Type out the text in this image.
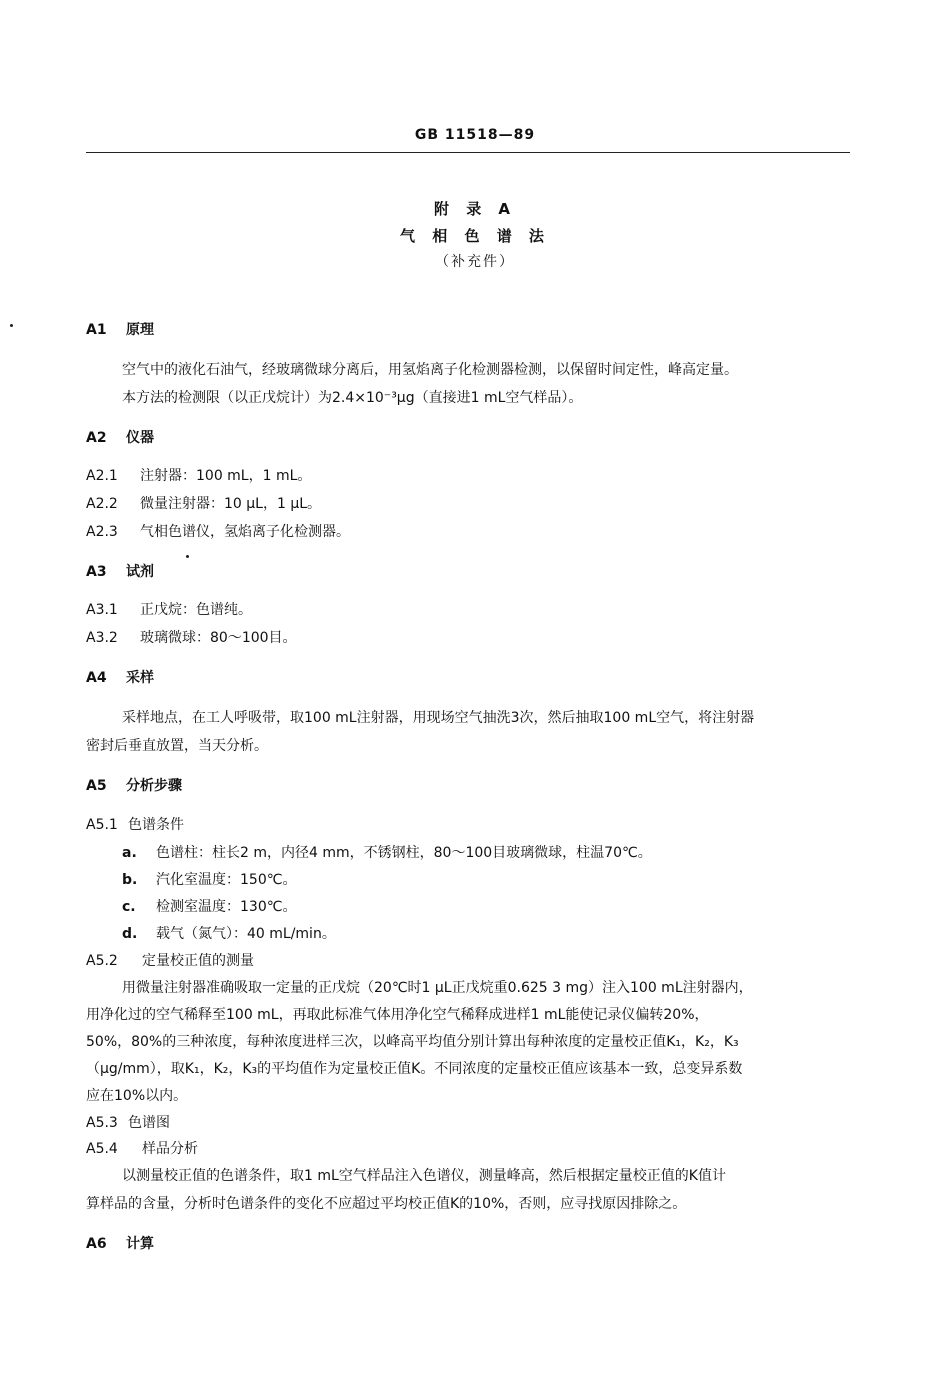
GB 11518—89
附 录 A
气 相 色 谱 法
（补充件）
A1 原理
空气中的液化石油气，经玻璃微球分离后，用氢焰离子化检测器检测，以保留时间定性，峰高定量。
本方法的检测限（以正戊烷计）为2.4×10⁻³μg（直接进1 mL空气样品）。
A2 仪器
A2.1 注射器：100 mL，1 mL。
A2.2 微量注射器：10 μL，1 μL。
A2.3 气相色谱仪，氢焰离子化检测器。
A3 试剂
A3.1 正戊烷：色谱纯。
A3.2 玻璃微球：80～100目。
A4 采样
采样地点，在工人呼吸带，取100 mL注射器，用现场空气抽洗3次，然后抽取100 mL空气，将注射器
密封后垂直放置，当天分析。
A5 分析步骤
A5.1 色谱条件
a. 色谱柱：柱长2 m，内径4 mm，不锈钢柱，80～100目玻璃微球，柱温70℃。
b. 汽化室温度：150℃。
c. 检测室温度：130℃。
d. 载气（氮气）：40 mL/min。
A5.2 定量校正值的测量
用微量注射器准确吸取一定量的正戊烷（20℃时1 μL正戊烷重0.625 3 mg）注入100 mL注射器内，
用净化过的空气稀释至100 mL，再取此标准气体用净化空气稀释成进样1 mL能使记录仪偏转20%，
50%，80%的三种浓度，每种浓度进样三次，以峰高平均值分别计算出每种浓度的定量校正值K₁，K₂，K₃
（μg/mm），取K₁，K₂，K₃的平均值作为定量校正值K。不同浓度的定量校正值应该基本一致，总变异系数
应在10%以内。
A5.3 色谱图
A5.4 样品分析
以测量校正值的色谱条件，取1 mL空气样品注入色谱仪，测量峰高，然后根据定量校正值的K值计
算样品的含量，分析时色谱条件的变化不应超过平均校正值K的10%，否则，应寻找原因排除之。
A6 计算
